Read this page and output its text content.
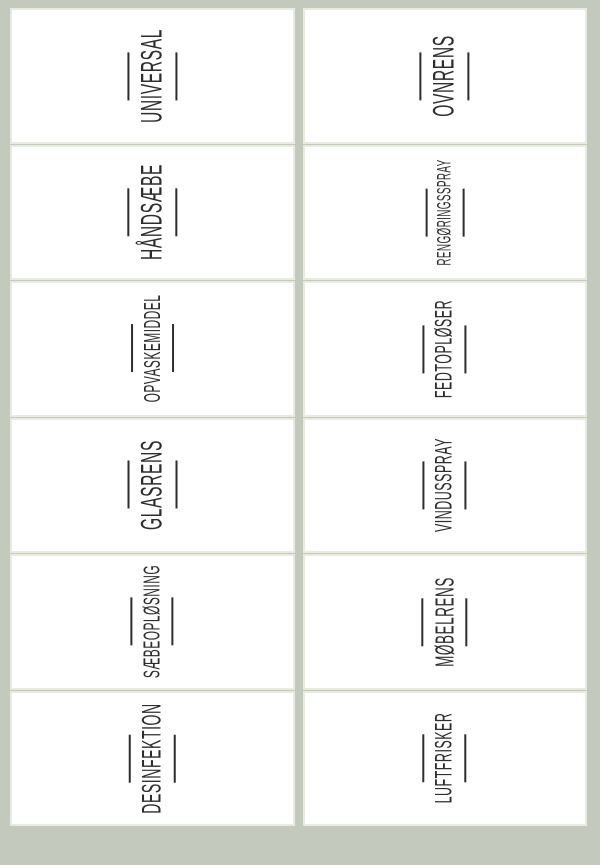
UNIVERSAL
HÅNDSÆBE
OPVASKEMIDDEL
GLASRENS
SÆBEOPLØSNING
DESINFEKTION
OVNRENS
RENGØRINGSSPRAY
FEDTOPLØSER
VINDUSSPRAY
MØBELRENS
LUFTFRISKER
